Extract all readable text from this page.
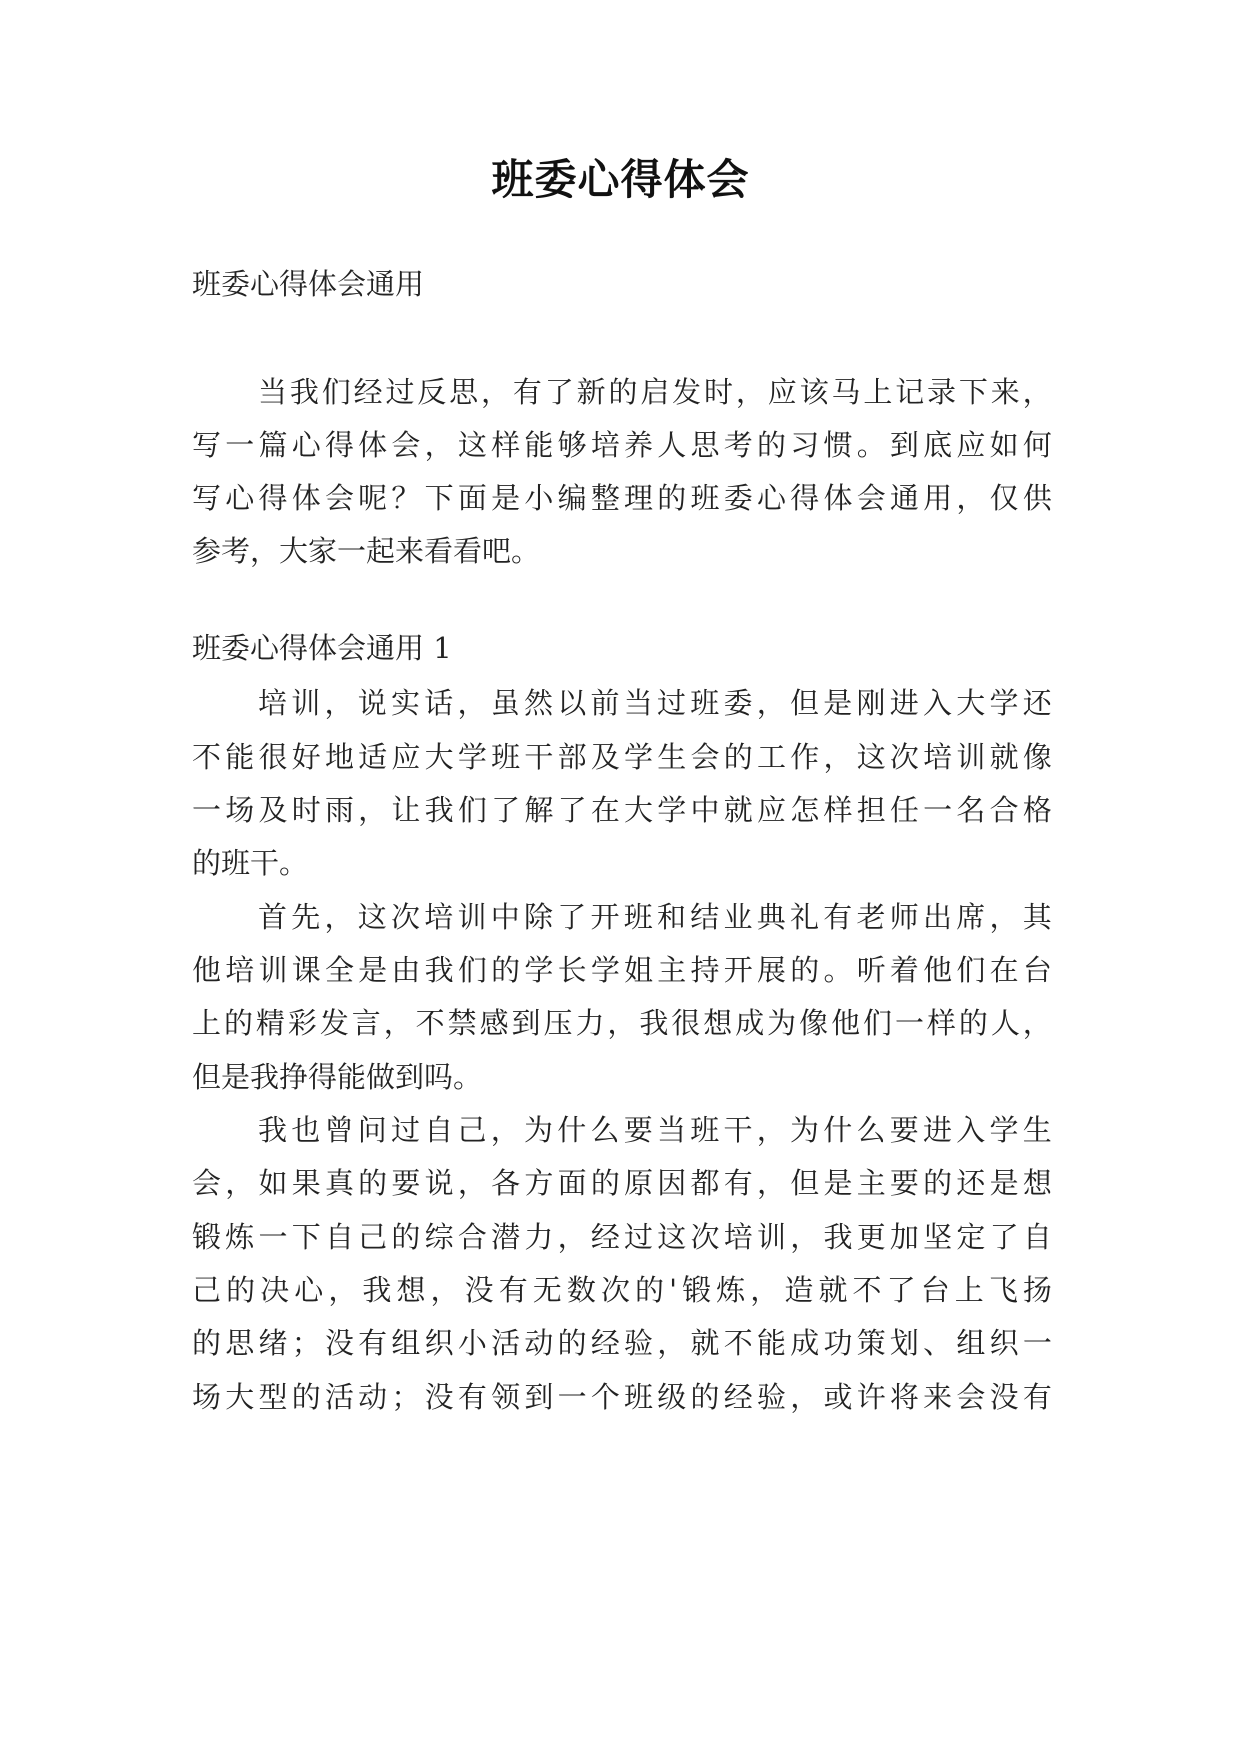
班委心得体会
班委心得体会通用
当 我 们 经 过 反 思 ， 有 了 新 的 启 发 时 ， 应 该 马 上 记 录 下 来 ，
写 一 篇 心 得 体 会 ， 这 样 能 够 培 养 人 思 考 的 习 惯 。 到 底 应 如 何
写 心 得 体 会 呢 ？ 下 面 是 小 编 整 理 的 班 委 心 得 体 会 通 用 ， 仅 供
参考，大家一起来看看吧。
班委心得体会通用 1
培 训 ， 说 实 话 ， 虽 然 以 前 当 过 班 委 ， 但 是 刚 进 入 大 学 还
不 能 很 好 地 适 应 大 学 班 干 部 及 学 生 会 的 工 作 ， 这 次 培 训 就 像
一 场 及 时 雨 ， 让 我 们 了 解 了 在 大 学 中 就 应 怎 样 担 任 一 名 合 格
的班干。
首 先 ， 这 次 培 训 中 除 了 开 班 和 结 业 典 礼 有 老 师 出 席 ， 其
他 培 训 课 全 是 由 我 们 的 学 长 学 姐 主 持 开 展 的 。 听 着 他 们 在 台
上 的 精 彩 发 言 ， 不 禁 感 到 压 力 ， 我 很 想 成 为 像 他 们 一 样 的 人 ，
但是我挣得能做到吗。
我 也 曾 问 过 自 己 ， 为 什 么 要 当 班 干 ， 为 什 么 要 进 入 学 生
会 ， 如 果 真 的 要 说 ， 各 方 面 的 原 因 都 有 ， 但 是 主 要 的 还 是 想
锻 炼 一 下 自 己 的 综 合 潜 力 ， 经 过 这 次 培 训 ， 我 更 加 坚 定 了 自
己 的 决 心 ， 我 想 ， 没 有 无 数 次 的 ' 锻 炼 ， 造 就 不 了 台 上 飞 扬
的 思 绪 ； 没 有 组 织 小 活 动 的 经 验 ， 就 不 能 成 功 策 划 、 组 织 一
场 大 型 的 活 动 ； 没 有 领 到 一 个 班 级 的 经 验 ， 或 许 将 来 会 没 有
